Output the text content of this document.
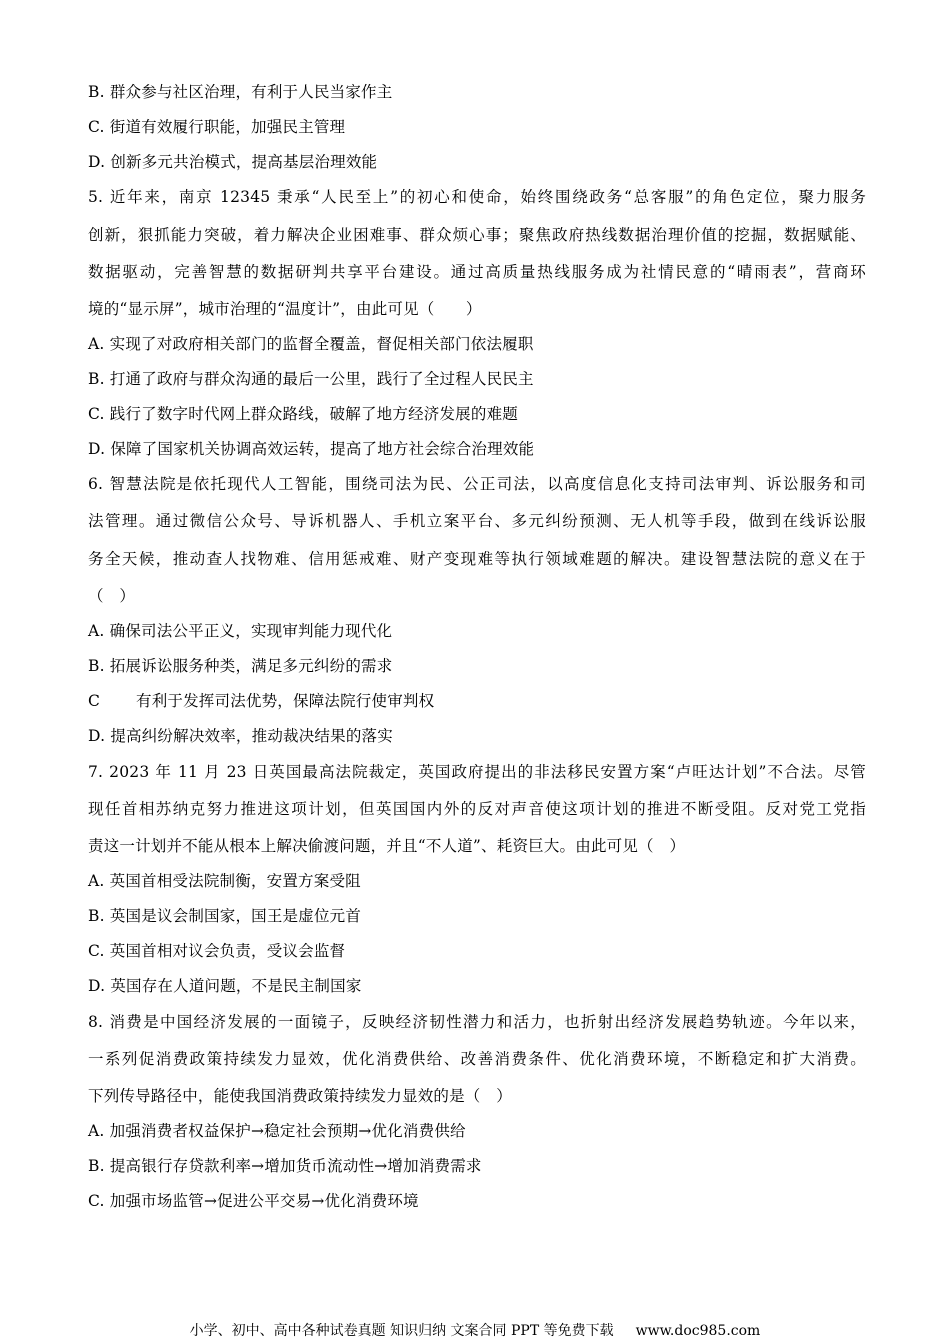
B. 群众参与社区治理，有利于人民当家作主
C. 街道有效履行职能，加强民主管理
D. 创新多元共治模式，提高基层治理效能
5. 近年来，南京 12345 秉承“人民至上”的初心和使命，始终围绕政务“总客服”的角色定位，聚力服务
创新，狠抓能力突破，着力解决企业困难事、群众烦心事；聚焦政府热线数据治理价值的挖掘，数据赋能、
数据驱动，完善智慧的数据研判共享平台建设。通过高质量热线服务成为社情民意的“晴雨表”，营商环
境的“显示屏”，城市治理的“温度计”，由此可见（　　）
A. 实现了对政府相关部门的监督全覆盖，督促相关部门依法履职
B. 打通了政府与群众沟通的最后一公里，践行了全过程人民民主
C. 践行了数字时代网上群众路线，破解了地方经济发展的难题
D. 保障了国家机关协调高效运转，提高了地方社会综合治理效能
6. 智慧法院是依托现代人工智能，围绕司法为民、公正司法，以高度信息化支持司法审判、诉讼服务和司
法管理。通过微信公众号、导诉机器人、手机立案平台、多元纠纷预测、无人机等手段，做到在线诉讼服
务全天候，推动查人找物难、信用惩戒难、财产变现难等执行领域难题的解决。建设智慧法院的意义在于
（　）
A. 确保司法公平正义，实现审判能力现代化
B. 拓展诉讼服务种类，满足多元纠纷的需求
C 有利于发挥司法优势，保障法院行使审判权
D. 提高纠纷解决效率，推动裁决结果的落实
7. 2023 年 11 月 23 日英国最高法院裁定，英国政府提出的非法移民安置方案“卢旺达计划”不合法。尽管
现任首相苏纳克努力推进这项计划，但英国国内外的反对声音使这项计划的推进不断受阻。反对党工党指
责这一计划并不能从根本上解决偷渡问题，并且“不人道”、耗资巨大。由此可见（　）
A. 英国首相受法院制衡，安置方案受阻
B. 英国是议会制国家，国王是虚位元首
C. 英国首相对议会负责，受议会监督
D. 英国存在人道问题，不是民主制国家
8. 消费是中国经济发展的一面镜子，反映经济韧性潜力和活力，也折射出经济发展趋势轨迹。今年以来，
一系列促消费政策持续发力显效，优化消费供给、改善消费条件、优化消费环境，不断稳定和扩大消费。
下列传导路径中，能使我国消费政策持续发力显效的是（　）
A. 加强消费者权益保护→稳定社会预期→优化消费供给
B. 提高银行存贷款利率→增加货币流动性→增加消费需求
C. 加强市场监管→促进公平交易→优化消费环境
小学、初中、高中各种试卷真题 知识归纳 文案合同 PPT 等免费下载 www.doc985.com
